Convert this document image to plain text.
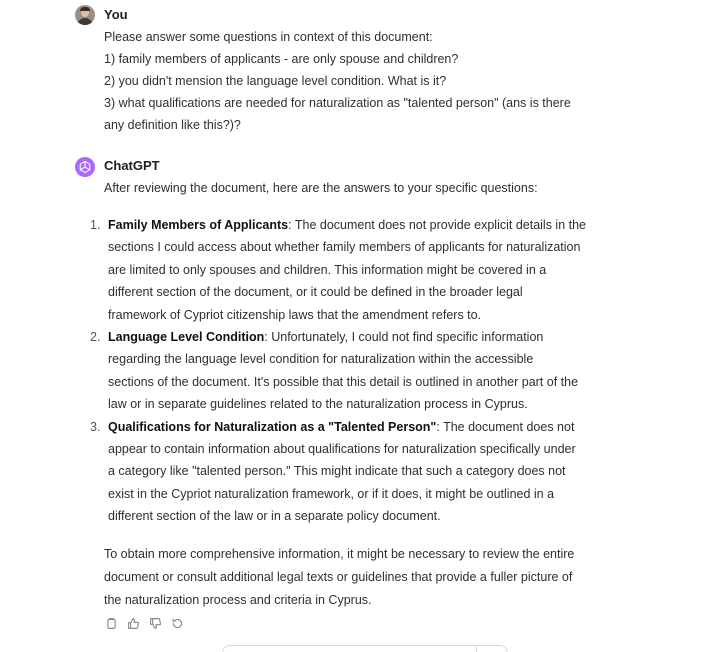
You
Please answer some questions in context of this document:
1) family members of applicants - are only spouse and children?
2) you didn't mension the language level condition. What is it?
3) what qualifications are needed for naturalization as "talented person" (ans is there
any definition like this?)?
ChatGPT
After reviewing the document, here are the answers to your specific questions:
1. Family Members of Applicants: The document does not provide explicit details in the
sections I could access about whether family members of applicants for naturalization
are limited to only spouses and children. This information might be covered in a
different section of the document, or it could be defined in the broader legal
framework of Cypriot citizenship laws that the amendment refers to.
2. Language Level Condition: Unfortunately, I could not find specific information
regarding the language level condition for naturalization within the accessible
sections of the document. It's possible that this detail is outlined in another part of the
law or in separate guidelines related to the naturalization process in Cyprus.
3. Qualifications for Naturalization as a "Talented Person": The document does not
appear to contain information about qualifications for naturalization specifically under
a category like "talented person." This might indicate that such a category does not
exist in the Cypriot naturalization framework, or if it does, it might be outlined in a
different section of the law or in a separate policy document.
To obtain more comprehensive information, it might be necessary to review the entire
document or consult additional legal texts or guidelines that provide a fuller picture of
the naturalization process and criteria in Cyprus.
